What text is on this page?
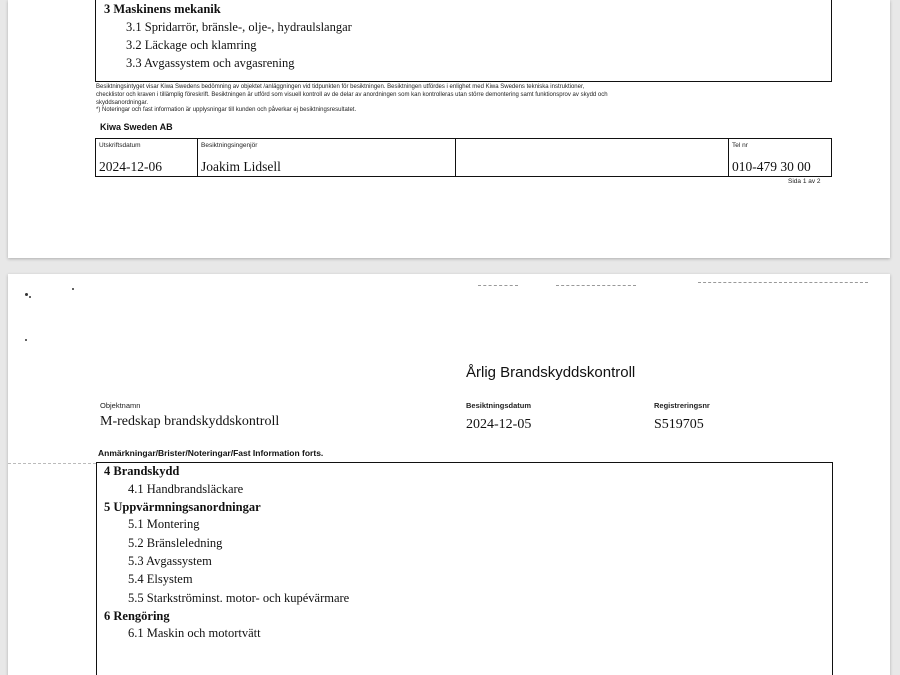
3 Maskinens mekanik
3.1 Spridarrör, bränsle-, olje-, hydraulslangar
3.2 Läckage och klamring
3.3 Avgassystem och avgasrening
Besiktningsintyget visar Kiwa Swedens bedömning av objektet /anläggningen vid tidpunkten för besiktningen. Besiktningen utfördes i enlighet med Kiwa Swedens tekniska instruktioner,
checklistor och kraven i tillämplig föreskrift. Besiktningen är utförd som visuell kontroll av de delar av anordningen som kan kontrolleras utan större demontering samt funktionsprov av skydd och
skyddsanordningar.
*) Noteringar och fast information är upplysningar till kunden och påverkar ej besiktningsresultatet.
Kiwa Sweden AB
Utskriftsdatum
2024-12-06
Besiktningsingenjör
Joakim Lidsell
Tel nr
010-479 30 00
Sida 1 av 2
Årlig Brandskyddskontroll
Objektnamn
M-redskap brandskyddskontroll
Besiktningsdatum
2024-12-05
Registreringsnr
S519705
Anmärkningar/Brister/Noteringar/Fast Information forts.
4 Brandskydd
4.1 Handbrandsläckare
5 Uppvärmningsanordningar
5.1 Montering
5.2 Bränsleledning
5.3 Avgassystem
5.4 Elsystem
5.5 Starkströminst. motor- och kupévärmare
6 Rengöring
6.1 Maskin och motortvätt
